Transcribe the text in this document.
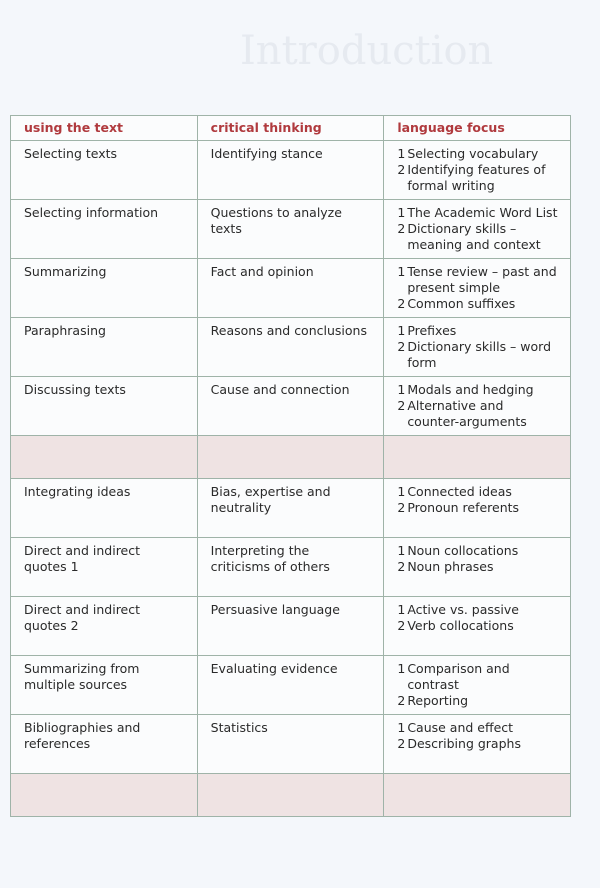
Introduction
using the text	critical thinking	language focus
Selecting texts	Identifying stance	1 Selecting vocabulary
2 Identifying features of formal writing

Selecting information	Questions to analyze texts	1 The Academic Word List
2 Dictionary skills – meaning and context

Summarizing	Fact and opinion	1 Tense review – past and present simple
2 Common suffixes

Paraphrasing	Reasons and conclusions	1 Prefixes
2 Dictionary skills – word form

Discussing texts	Cause and connection	1 Modals and hedging
2 Alternative and counter-arguments

Integrating ideas	Bias, expertise and neutrality	1 Connected ideas
2 Pronoun referents

Direct and indirect quotes 1	Interpreting the criticisms of others	1 Noun collocations
2 Noun phrases

Direct and indirect quotes 2	Persuasive language	1 Active vs. passive
2 Verb collocations

Summarizing from multiple sources	Evaluating evidence	1 Comparison and contrast
2 Reporting

Bibliographies and references	Statistics	1 Cause and effect
2 Describing graphs
